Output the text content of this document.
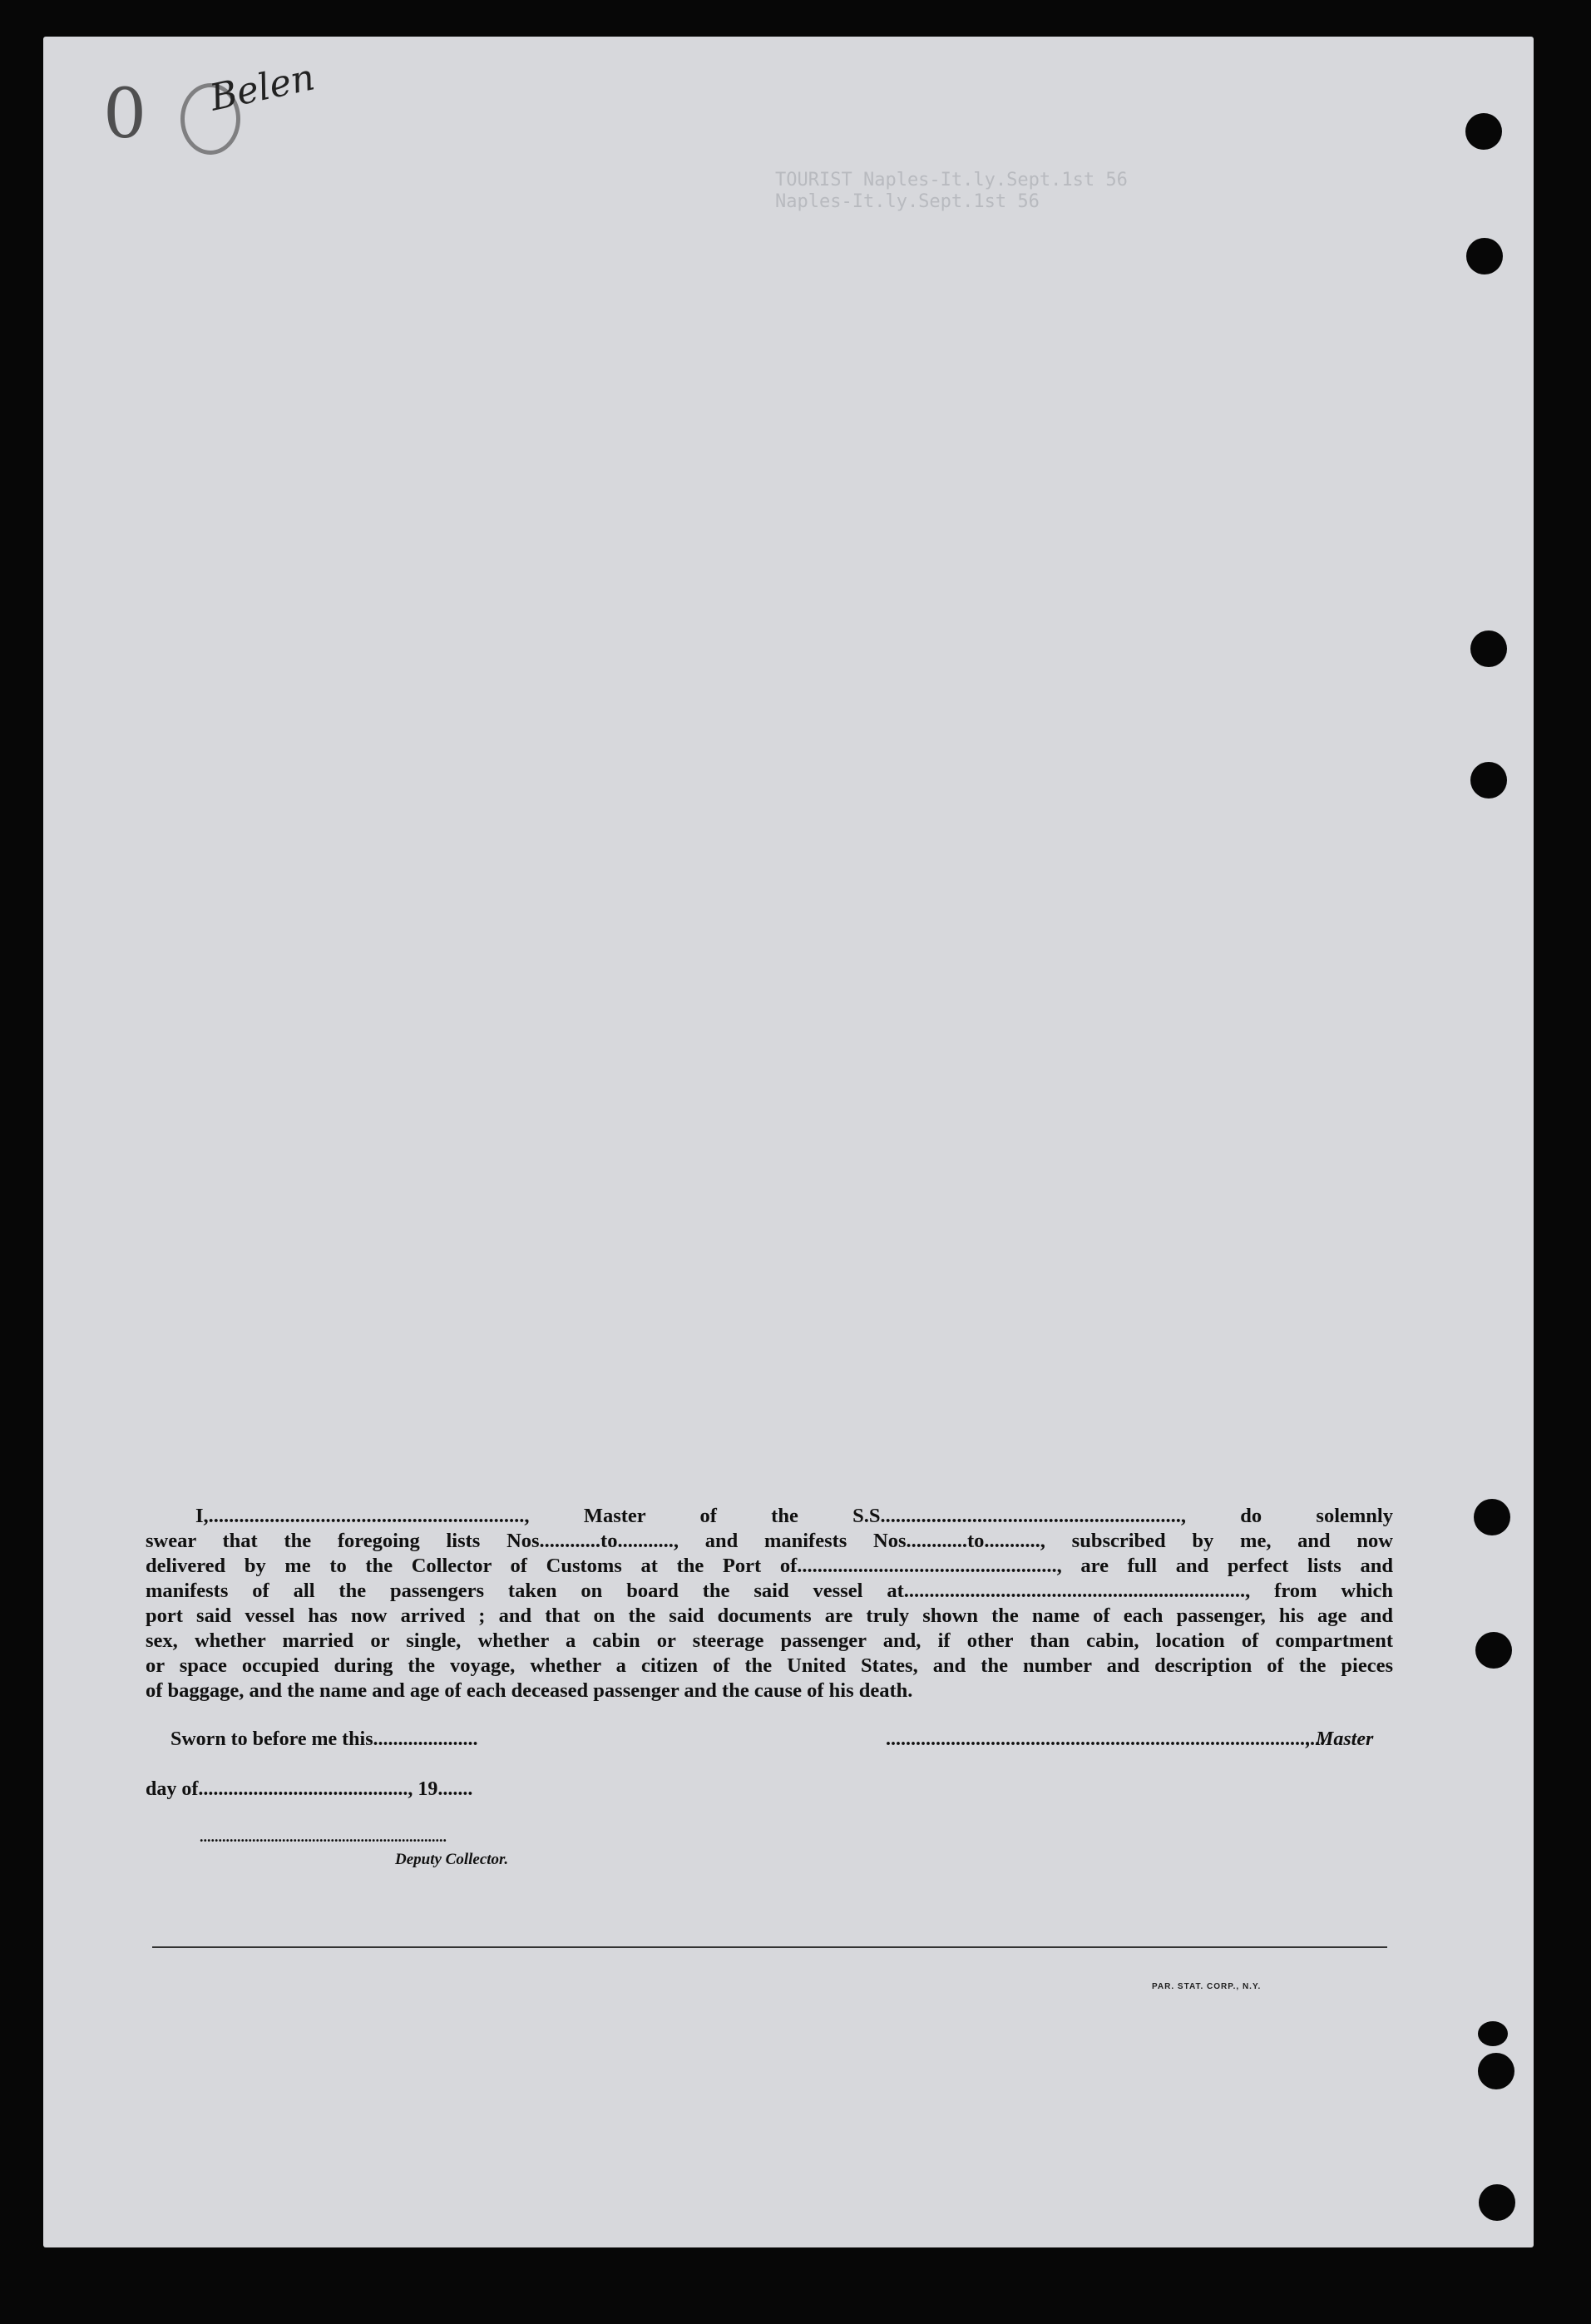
0 Belen
TOURIST Naples-It.ly.Sept.1st 56
Naples-It.ly.Sept.1st 56
I,.............................................................., Master of the S.S..........................................................., do solemnly
swear that the foregoing lists Nos............to..........., and manifests Nos............to..........., subscribed by me, and now
delivered by me to the Collector of Customs at the Port of..................................................., are full and perfect lists and
manifests of all the passengers taken on board the said vessel at..................................................................., from which
port said vessel has now arrived ; and that on the said documents are truly shown the name of each passenger, his age and
sex, whether married or single, whether a cabin or steerage passenger and, if other than cabin, location of compartment
or space occupied during the voyage, whether a citizen of the United States, and the number and description of the pieces
of baggage, and the name and age of each deceased passenger and the cause of his death.
Sworn to before me this.....................	........................................................................................
, Master
day of.........................................., 19.......
..................................................................
Deputy Collector.
PAR. STAT. CORP., N.Y.
